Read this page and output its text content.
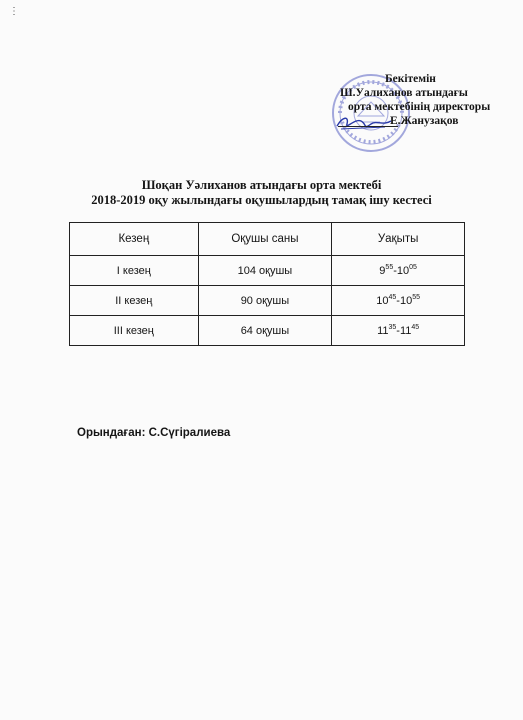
⋮
Бекітемін
Ш.Уалиханов атындағы
орта мектебінің директоры
Е.Жанузақов
Шоқан Уәлиханов атындағы орта мектебі
2018-2019 оқу жылындағы оқушылардың тамақ ішу кестесі
Кезең	Оқушы саны	Уақыты
І кезең	104 оқушы	$9^{55}-10^{05}$
ІІ кезең	90 оқушы	$10^{45}-10^{55}$
ІІІ кезең	64 оқушы	$11^{35}-11^{45}$
Орындаған: С.Сүгіралиева
